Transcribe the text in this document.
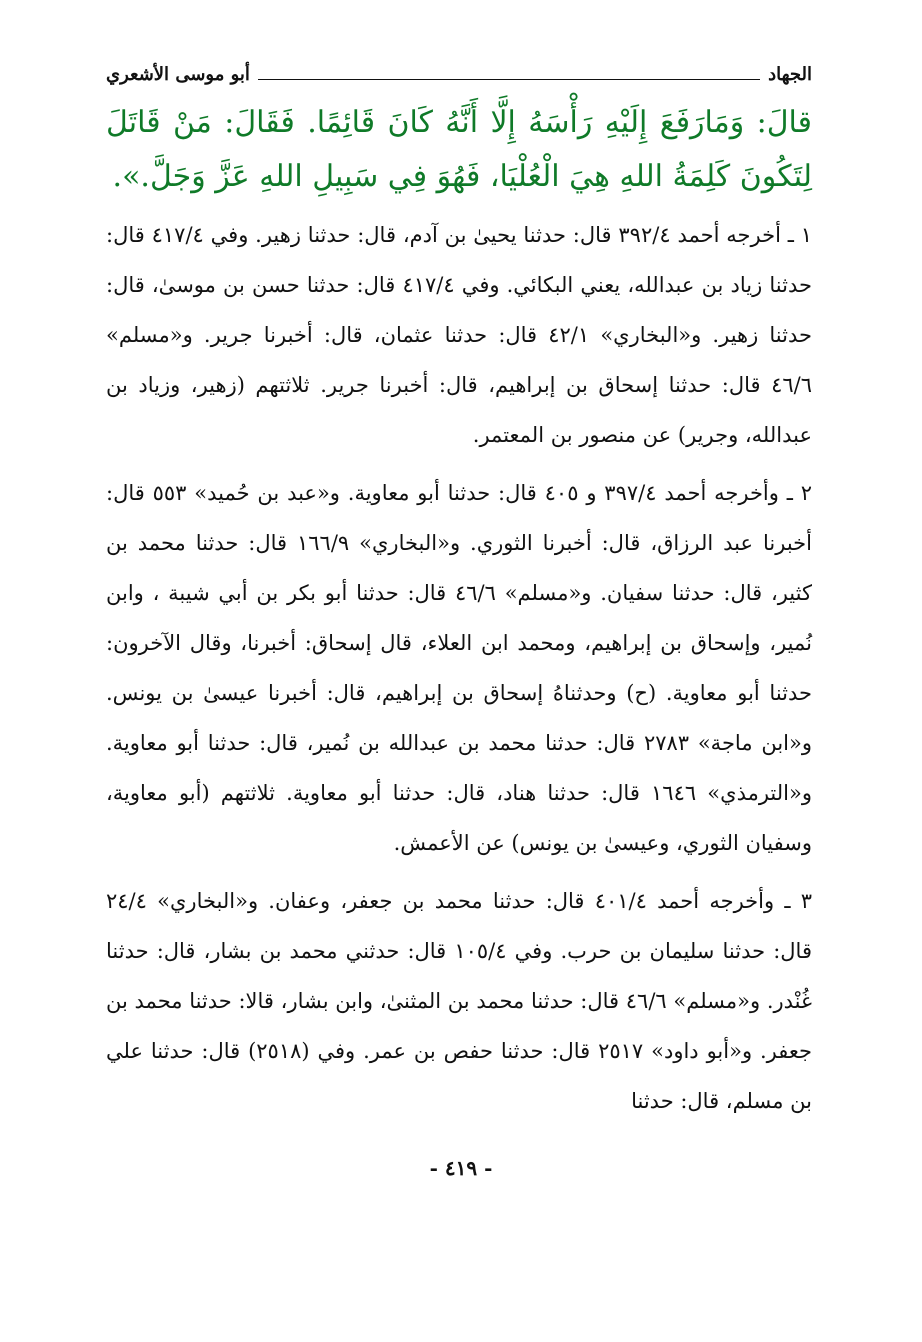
الجهاد
أبو موسى الأشعري
قالَ: وَمَارَفَعَ إِلَيْهِ رَأْسَهُ إِلَّا أَنَّهُ كَانَ قَائِمًا. فَقَالَ: مَنْ قَاتَلَ لِتَكُونَ كَلِمَةُ اللهِ هِيَ الْعُلْيَا، فَهُوَ فِي سَبِيلِ اللهِ عَزَّ وَجَلَّ.».

١ ـ أخرجه أحمد ٣٩٢/٤ قال: حدثنا يحيىٰ بن آدم، قال: حدثنا زهير. وفي ٤١٧/٤ قال: حدثنا زياد بن عبدالله، يعني البكائي. وفي ٤١٧/٤ قال: حدثنا حسن بن موسىٰ، قال: حدثنا زهير. و«البخاري» ٤٢/١ قال: حدثنا عثمان، قال: أخبرنا جرير. و«مسلم» ٤٦/٦ قال: حدثنا إسحاق بن إبراهيم، قال: أخبرنا جرير. ثلاثتهم (زهير، وزياد بن عبدالله، وجرير) عن منصور بن المعتمر.

٢ ـ وأخرجه أحمد ٣٩٧/٤ و ٤٠٥ قال: حدثنا أبو معاوية. و«عبد بن حُميد» ٥٥٣ قال: أخبرنا عبد الرزاق، قال: أخبرنا الثوري. و«البخاري» ١٦٦/٩ قال: حدثنا محمد بن كثير، قال: حدثنا سفيان. و«مسلم» ٤٦/٦ قال: حدثنا أبو بكر بن أبي شيبة ، وابن نُمير، وإسحاق بن إبراهيم، ومحمد ابن العلاء، قال إسحاق: أخبرنا، وقال الآخرون: حدثنا أبو معاوية. (ح) وحدثناهُ إسحاق بن إبراهيم، قال: أخبرنا عيسىٰ بن يونس. و«ابن ماجة» ٢٧٨٣ قال: حدثنا محمد بن عبدالله بن نُمير، قال: حدثنا أبو معاوية. و«الترمذي» ١٦٤٦ قال: حدثنا هناد، قال: حدثنا أبو معاوية. ثلاثتهم (أبو معاوية، وسفيان الثوري، وعيسىٰ بن يونس) عن الأعمش.

٣ ـ وأخرجه أحمد ٤٠١/٤ قال: حدثنا محمد بن جعفر، وعفان. و«البخاري» ٢٤/٤ قال: حدثنا سليمان بن حرب. وفي ١٠٥/٤ قال: حدثني محمد بن بشار، قال: حدثنا غُنْدر. و«مسلم» ٤٦/٦ قال: حدثنا محمد بن المثنىٰ، وابن بشار، قالا: حدثنا محمد بن جعفر. و«أبو داود» ٢٥١٧ قال: حدثنا حفص بن عمر. وفي (٢٥١٨) قال: حدثنا علي بن مسلم، قال: حدثنا

- ٤١٩ -
